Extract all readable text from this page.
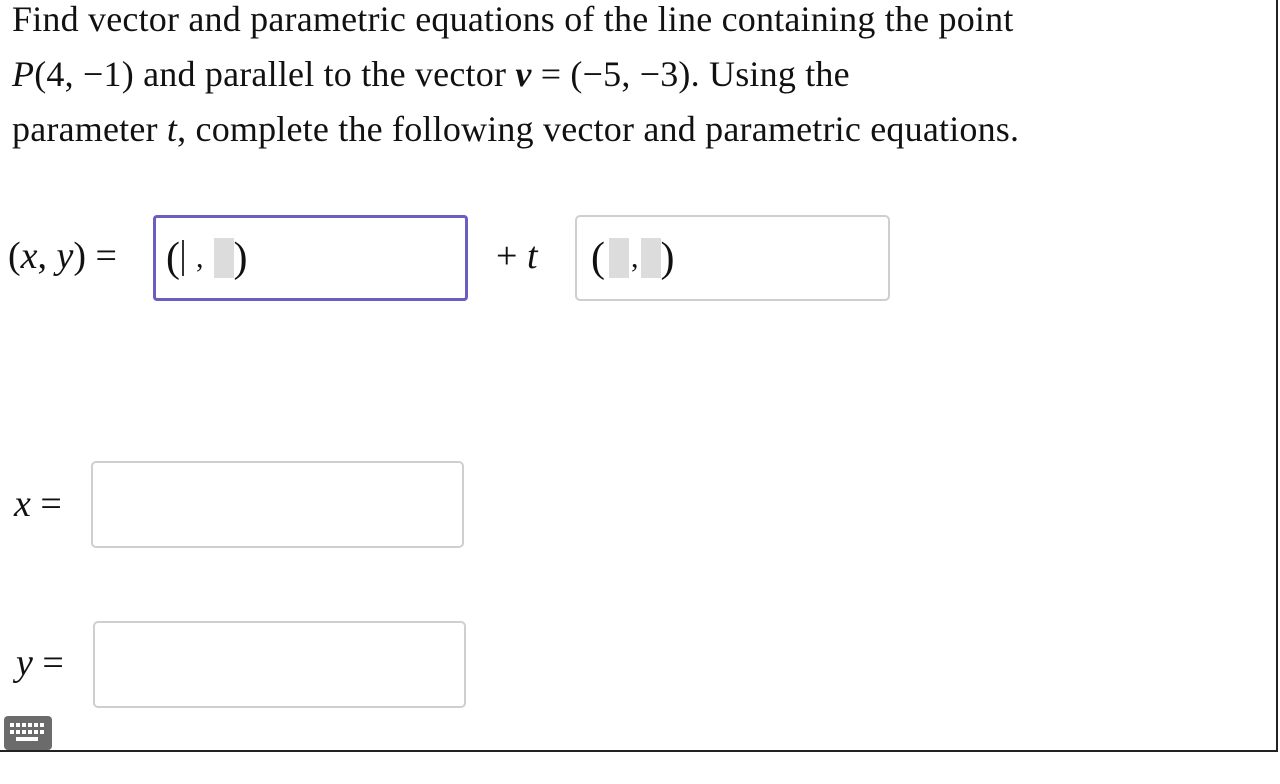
Find vector and parametric equations of the line containing the point
P(4, −1) and parallel to the vector v = (−5, −3). Using the
parameter t, complete the following vector and parametric equations.
(x, y) = ( , )	+ t ( , )
x =
y =
